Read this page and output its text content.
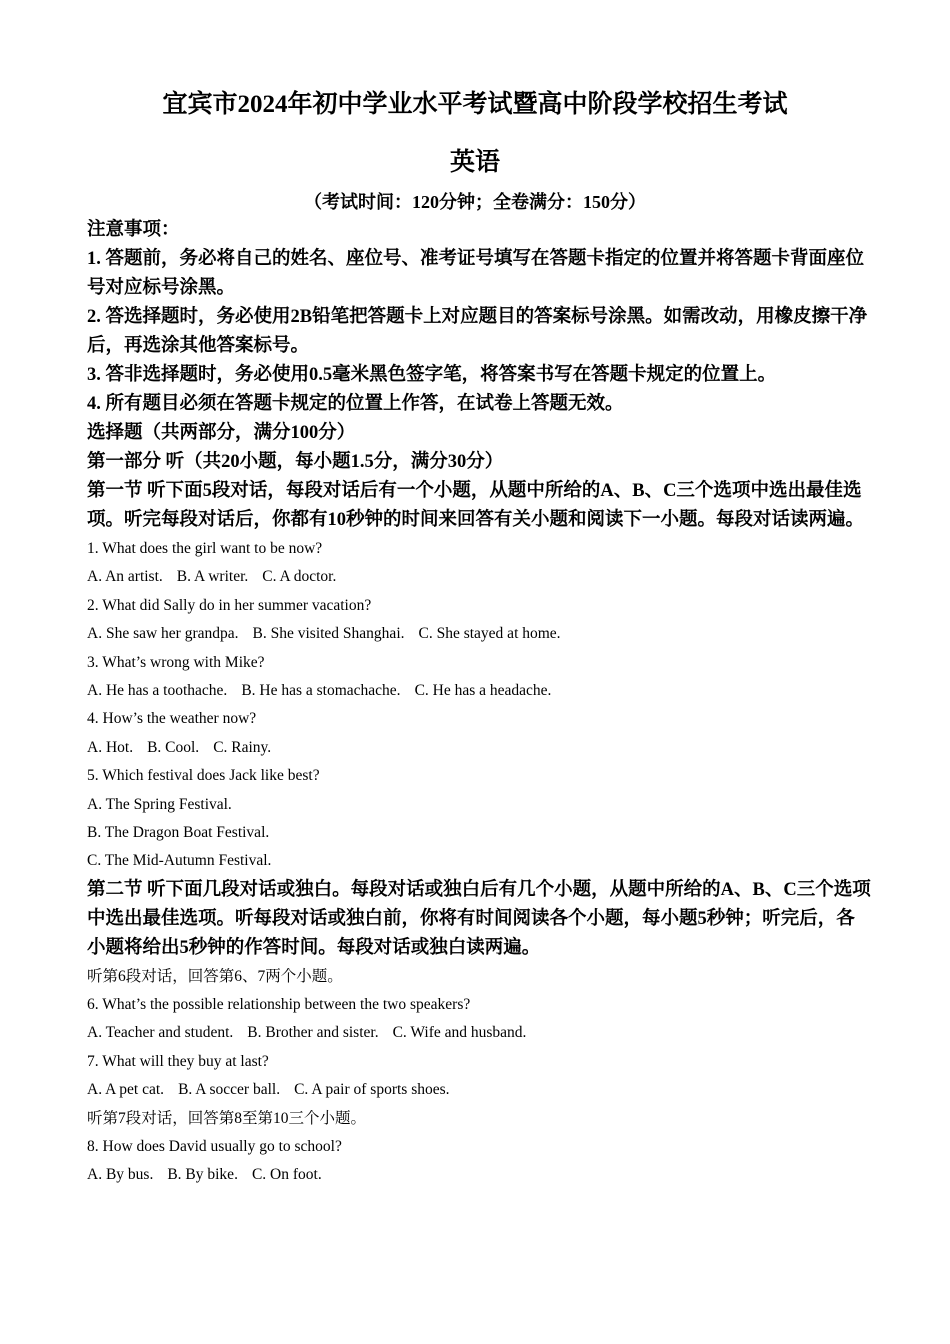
宜宾市2024年初中学业水平考试暨高中阶段学校招生考试
英语
（考试时间：120分钟；全卷满分：150分）
注意事项：
1. 答题前，务必将自己的姓名、座位号、准考证号填写在答题卡指定的位置并将答题卡背面座位号对应标号涂黑。
2. 答选择题时，务必使用2B铅笔把答题卡上对应题目的答案标号涂黑。如需改动，用橡皮擦干净后，再选涂其他答案标号。
3. 答非选择题时，务必使用0.5毫米黑色签字笔，将答案书写在答题卡规定的位置上。
4. 所有题目必须在答题卡规定的位置上作答，在试卷上答题无效。
选择题（共两部分，满分100分）
第一部分 听（共20小题，每小题1.5分，满分30分）
第一节 听下面5段对话，每段对话后有一个小题，从题中所给的A、B、C三个选项中选出最佳选项。听完每段对话后，你都有10秒钟的时间来回答有关小题和阅读下一小题。每段对话读两遍。
1. What does the girl want to be now?
A. An artist. B. A writer. C. A doctor.
2. What did Sally do in her summer vacation?
A. She saw her grandpa. B. She visited Shanghai. C. She stayed at home.
3. What’s wrong with Mike?
A. He has a toothache. B. He has a stomachache. C. He has a headache.
4. How’s the weather now?
A. Hot. B. Cool. C. Rainy.
5. Which festival does Jack like best?
A. The Spring Festival.
B. The Dragon Boat Festival.
C. The Mid-Autumn Festival.
第二节 听下面几段对话或独白。每段对话或独白后有几个小题，从题中所给的A、B、C三个选项中选出最佳选项。听每段对话或独白前，你将有时间阅读各个小题，每小题5秒钟；听完后，各小题将给出5秒钟的作答时间。每段对话或独白读两遍。
听第6段对话，回答第6、7两个小题。
6. What’s the possible relationship between the two speakers?
A. Teacher and student. B. Brother and sister. C. Wife and husband.
7. What will they buy at last?
A. A pet cat. B. A soccer ball. C. A pair of sports shoes.
听第7段对话，回答第8至第10三个小题。
8. How does David usually go to school?
A. By bus. B. By bike. C. On foot.
